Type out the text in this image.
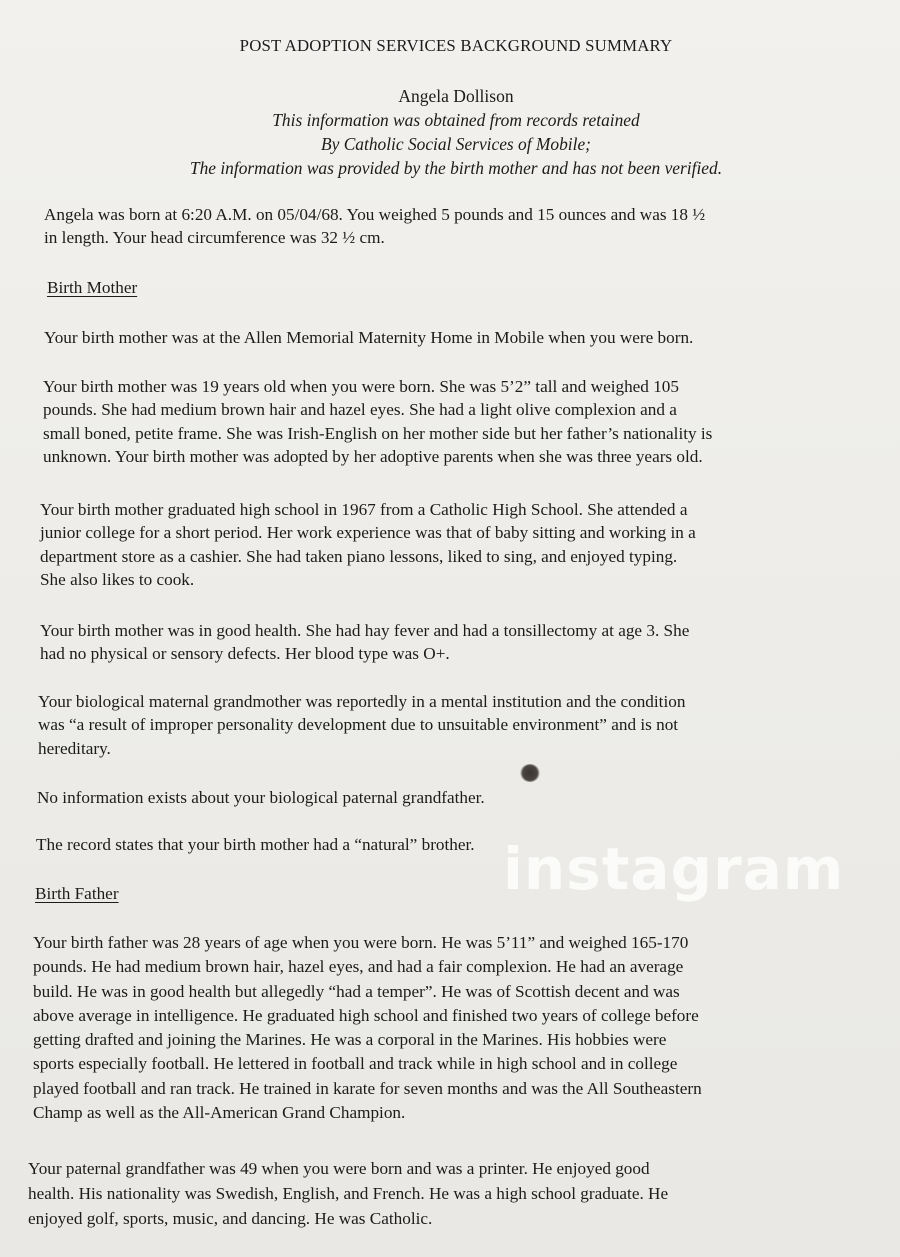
POST ADOPTION SERVICES BACKGROUND SUMMARY
Angela Dollison
This information was obtained from records retained
By Catholic Social Services of Mobile;
The information was provided by the birth mother and has not been verified.
Angela was born at 6:20 A.M. on 05/04/68. You weighed 5 pounds and 15 ounces and was 18 ½
in length. Your head circumference was 32 ½ cm.
Birth Mother
Your birth mother was at the Allen Memorial Maternity Home in Mobile when you were born.
Your birth mother was 19 years old when you were born. She was 5’2” tall and weighed 105
pounds. She had medium brown hair and hazel eyes. She had a light olive complexion and a
small boned, petite frame. She was Irish-English on her mother side but her father’s nationality is
unknown. Your birth mother was adopted by her adoptive parents when she was three years old.
Your birth mother graduated high school in 1967 from a Catholic High School. She attended a
junior college for a short period. Her work experience was that of baby sitting and working in a
department store as a cashier. She had taken piano lessons, liked to sing, and enjoyed typing.
She also likes to cook.
Your birth mother was in good health. She had hay fever and had a tonsillectomy at age 3. She
had no physical or sensory defects. Her blood type was O+.
Your biological maternal grandmother was reportedly in a mental institution and the condition
was “a result of improper personality development due to unsuitable environment” and is not
hereditary.
No information exists about your biological paternal grandfather.
The record states that your birth mother had a “natural” brother.
Birth Father	instagram
Your birth father was 28 years of age when you were born. He was 5’11” and weighed 165-170
pounds. He had medium brown hair, hazel eyes, and had a fair complexion. He had an average
build. He was in good health but allegedly “had a temper”. He was of Scottish decent and was
above average in intelligence. He graduated high school and finished two years of college before
getting drafted and joining the Marines. He was a corporal in the Marines. His hobbies were
sports especially football. He lettered in football and track while in high school and in college
played football and ran track. He trained in karate for seven months and was the All Southeastern
Champ as well as the All-American Grand Champion.
Your paternal grandfather was 49 when you were born and was a printer. He enjoyed good
health. His nationality was Swedish, English, and French. He was a high school graduate. He
enjoyed golf, sports, music, and dancing. He was Catholic.
